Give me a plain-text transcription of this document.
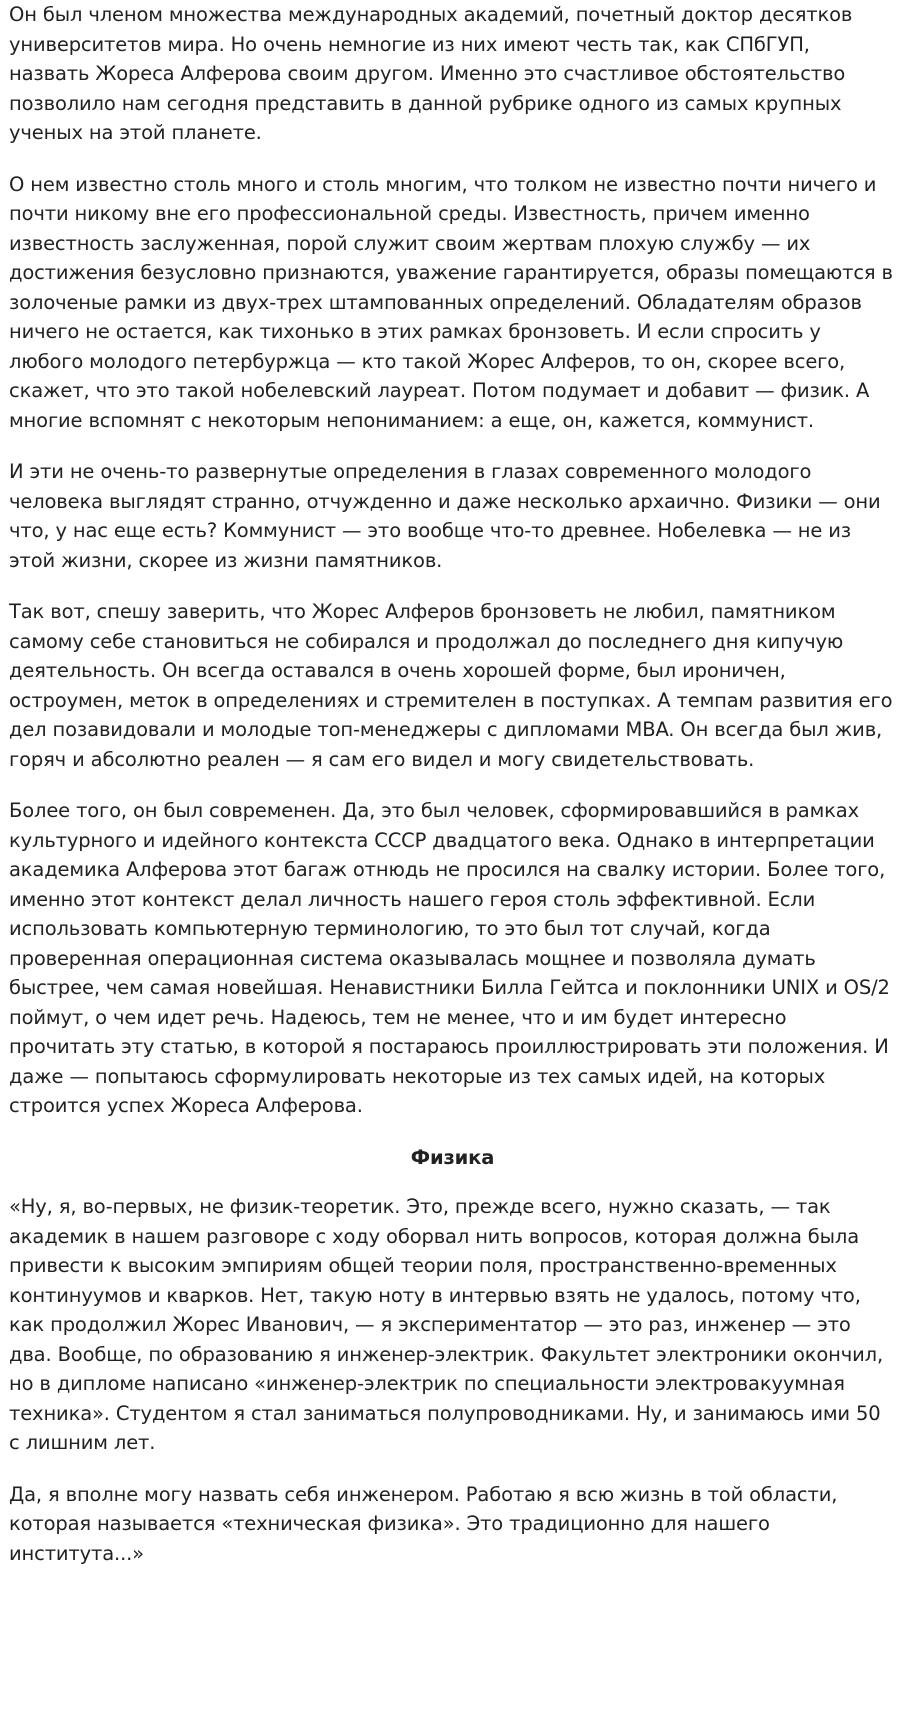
Он был членом множества международных академий, почетный доктор десятков университетов мира. Но очень немногие из них имеют честь так, как СПбГУП, назвать Жореса Алферова своим другом. Именно это счастливое обстоятельство позволило нам сегодня представить в данной рубрике одного из самых крупных ученых на этой планете.

О нем известно столь много и столь многим, что толком не известно почти ничего и почти никому вне его профессиональной среды. Известность, причем именно известность заслуженная, порой служит своим жертвам плохую службу — их достижения безусловно признаются, уважение гарантируется, образы помещаются в золоченые рамки из двух-трех штампованных определений. Обладателям образов ничего не остается, как тихонько в этих рамках бронзоветь. И если спросить у любого молодого петербуржца — кто такой Жорес Алферов, то он, скорее всего, скажет, что это такой нобелевский лауреат. Потом подумает и добавит — физик. А многие вспомнят с некоторым непониманием: а еще, он, кажется, коммунист.

И эти не очень-то развернутые определения в глазах современного молодого человека выглядят странно, отчужденно и даже несколько архаично. Физики — они что, у нас еще есть? Коммунист — это вообще что-то древнее. Нобелевка — не из этой жизни, скорее из жизни памятников.

Так вот, спешу заверить, что Жорес Алферов бронзоветь не любил, памятником самому себе становиться не собирался и продолжал до последнего дня кипучую деятельность. Он всегда оставался в очень хорошей форме, был ироничен, остроумен, меток в определениях и стремителен в поступках. А темпам развития его дел позавидовали и молодые топ-менеджеры с дипломами MBA. Он всегда был жив, горяч и абсолютно реален — я сам его видел и могу свидетельствовать.

Более того, он был современен. Да, это был человек, сформировавшийся в рамках культурного и идейного контекста СССР двадцатого века. Однако в интерпретации академика Алферова этот багаж отнюдь не просился на свалку истории. Более того, именно этот контекст делал личность нашего героя столь эффективной. Если использовать компьютерную терминологию, то это был тот случай, когда проверенная операционная система оказывалась мощнее и позволяла думать быстрее, чем самая новейшая. Ненавистники Билла Гейтса и поклонники UNIX и OS/2 поймут, о чем идет речь. Надеюсь, тем не менее, что и им будет интересно прочитать эту статью, в которой я постараюсь проиллюстрировать эти положения. И даже — попытаюсь сформулировать некоторые из тех самых идей, на которых строится успех Жореса Алферова.

Физика

«Ну, я, во-первых, не физик-теоретик. Это, прежде всего, нужно сказать, — так академик в нашем разговоре с ходу оборвал нить вопросов, которая должна была привести к высоким эмпириям общей теории поля, пространственно-временных континуумов и кварков. Нет, такую ноту в интервью взять не удалось, потому что, как продолжил Жорес Иванович, — я экспериментатор — это раз, инженер — это два. Вообще, по образованию я инженер-электрик. Факультет электроники окончил, но в дипломе написано «инженер-электрик по специальности электровакуумная техника». Студентом я стал заниматься полупроводниками. Ну, и занимаюсь ими 50 с лишним лет.

Да, я вполне могу назвать себя инженером. Работаю я всю жизнь в той области, которая называется «техническая физика». Это традиционно для нашего института...»
